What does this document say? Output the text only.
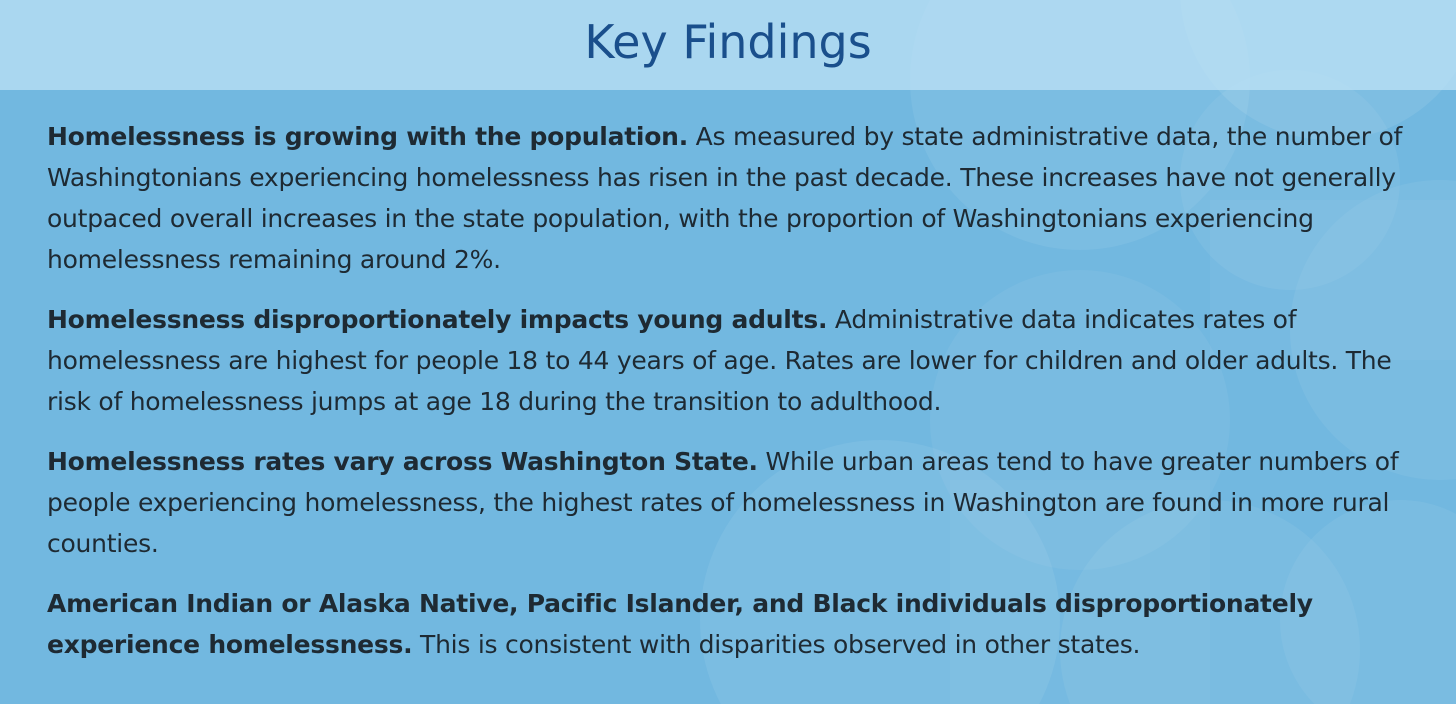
Key Findings

Homelessness is growing with the population. As measured by state administrative data, the number of Washingtonians experiencing homelessness has risen in the past decade. These increases have not generally outpaced overall increases in the state population, with the proportion of Washingtonians experiencing homelessness remaining around 2%.

Homelessness disproportionately impacts young adults. Administrative data indicates rates of homelessness are highest for people 18 to 44 years of age. Rates are lower for children and older adults. The risk of homelessness jumps at age 18 during the transition to adulthood.

Homelessness rates vary across Washington State. While urban areas tend to have greater numbers of people experiencing homelessness, the highest rates of homelessness in Washington are found in more rural counties.

American Indian or Alaska Native, Pacific Islander, and Black individuals disproportionately experience homelessness. This is consistent with disparities observed in other states.
